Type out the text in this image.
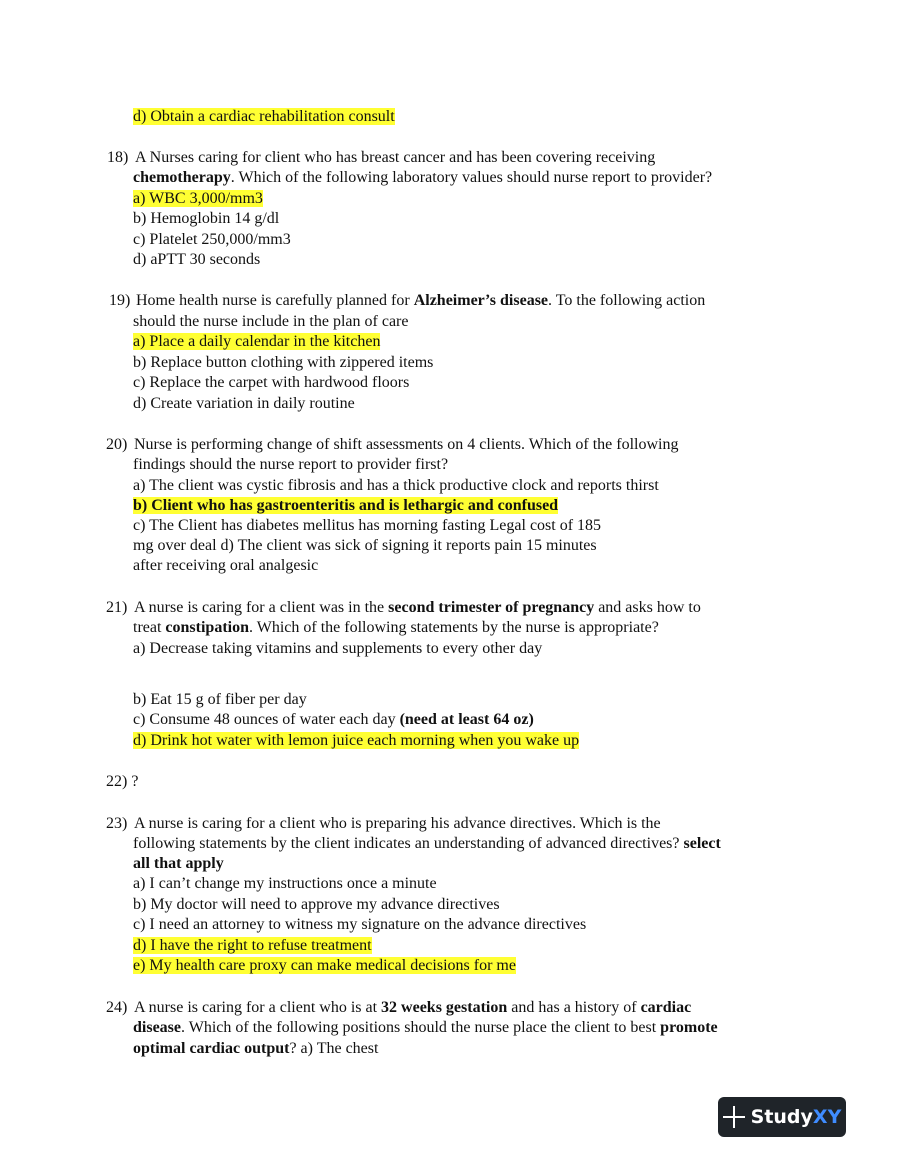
d) Obtain a cardiac rehabilitation consult
18) A Nurses caring for client who has breast cancer and has been covering receiving
chemotherapy. Which of the following laboratory values should nurse report to provider?
a) WBC 3,000/mm3
b) Hemoglobin 14 g/dl
c) Platelet 250,000/mm3
d) aPTT 30 seconds
19) Home health nurse is carefully planned for Alzheimer’s disease. To the following action
should the nurse include in the plan of care
a) Place a daily calendar in the kitchen
b) Replace button clothing with zippered items
c) Replace the carpet with hardwood floors
d) Create variation in daily routine
20) Nurse is performing change of shift assessments on 4 clients. Which of the following
findings should the nurse report to provider first?
a) The client was cystic fibrosis and has a thick productive clock and reports thirst
b) Client who has gastroenteritis and is lethargic and confused
c) The Client has diabetes mellitus has morning fasting Legal cost of 185
mg over deal d) The client was sick of signing it reports pain 15 minutes
after receiving oral analgesic
21) A nurse is caring for a client was in the second trimester of pregnancy and asks how to
treat constipation. Which of the following statements by the nurse is appropriate?
a) Decrease taking vitamins and supplements to every other day
b) Eat 15 g of fiber per day
c) Consume 48 ounces of water each day (need at least 64 oz)
d) Drink hot water with lemon juice each morning when you wake up
22) ?
23) A nurse is caring for a client who is preparing his advance directives. Which is the
following statements by the client indicates an understanding of advanced directives? select
all that apply
a) I can’t change my instructions once a minute
b) My doctor will need to approve my advance directives
c) I need an attorney to witness my signature on the advance directives
d) I have the right to refuse treatment
e) My health care proxy can make medical decisions for me
24) A nurse is caring for a client who is at 32 weeks gestation and has a history of cardiac
disease. Which of the following positions should the nurse place the client to best promote
optimal cardiac output? a) The chest
StudyXY
